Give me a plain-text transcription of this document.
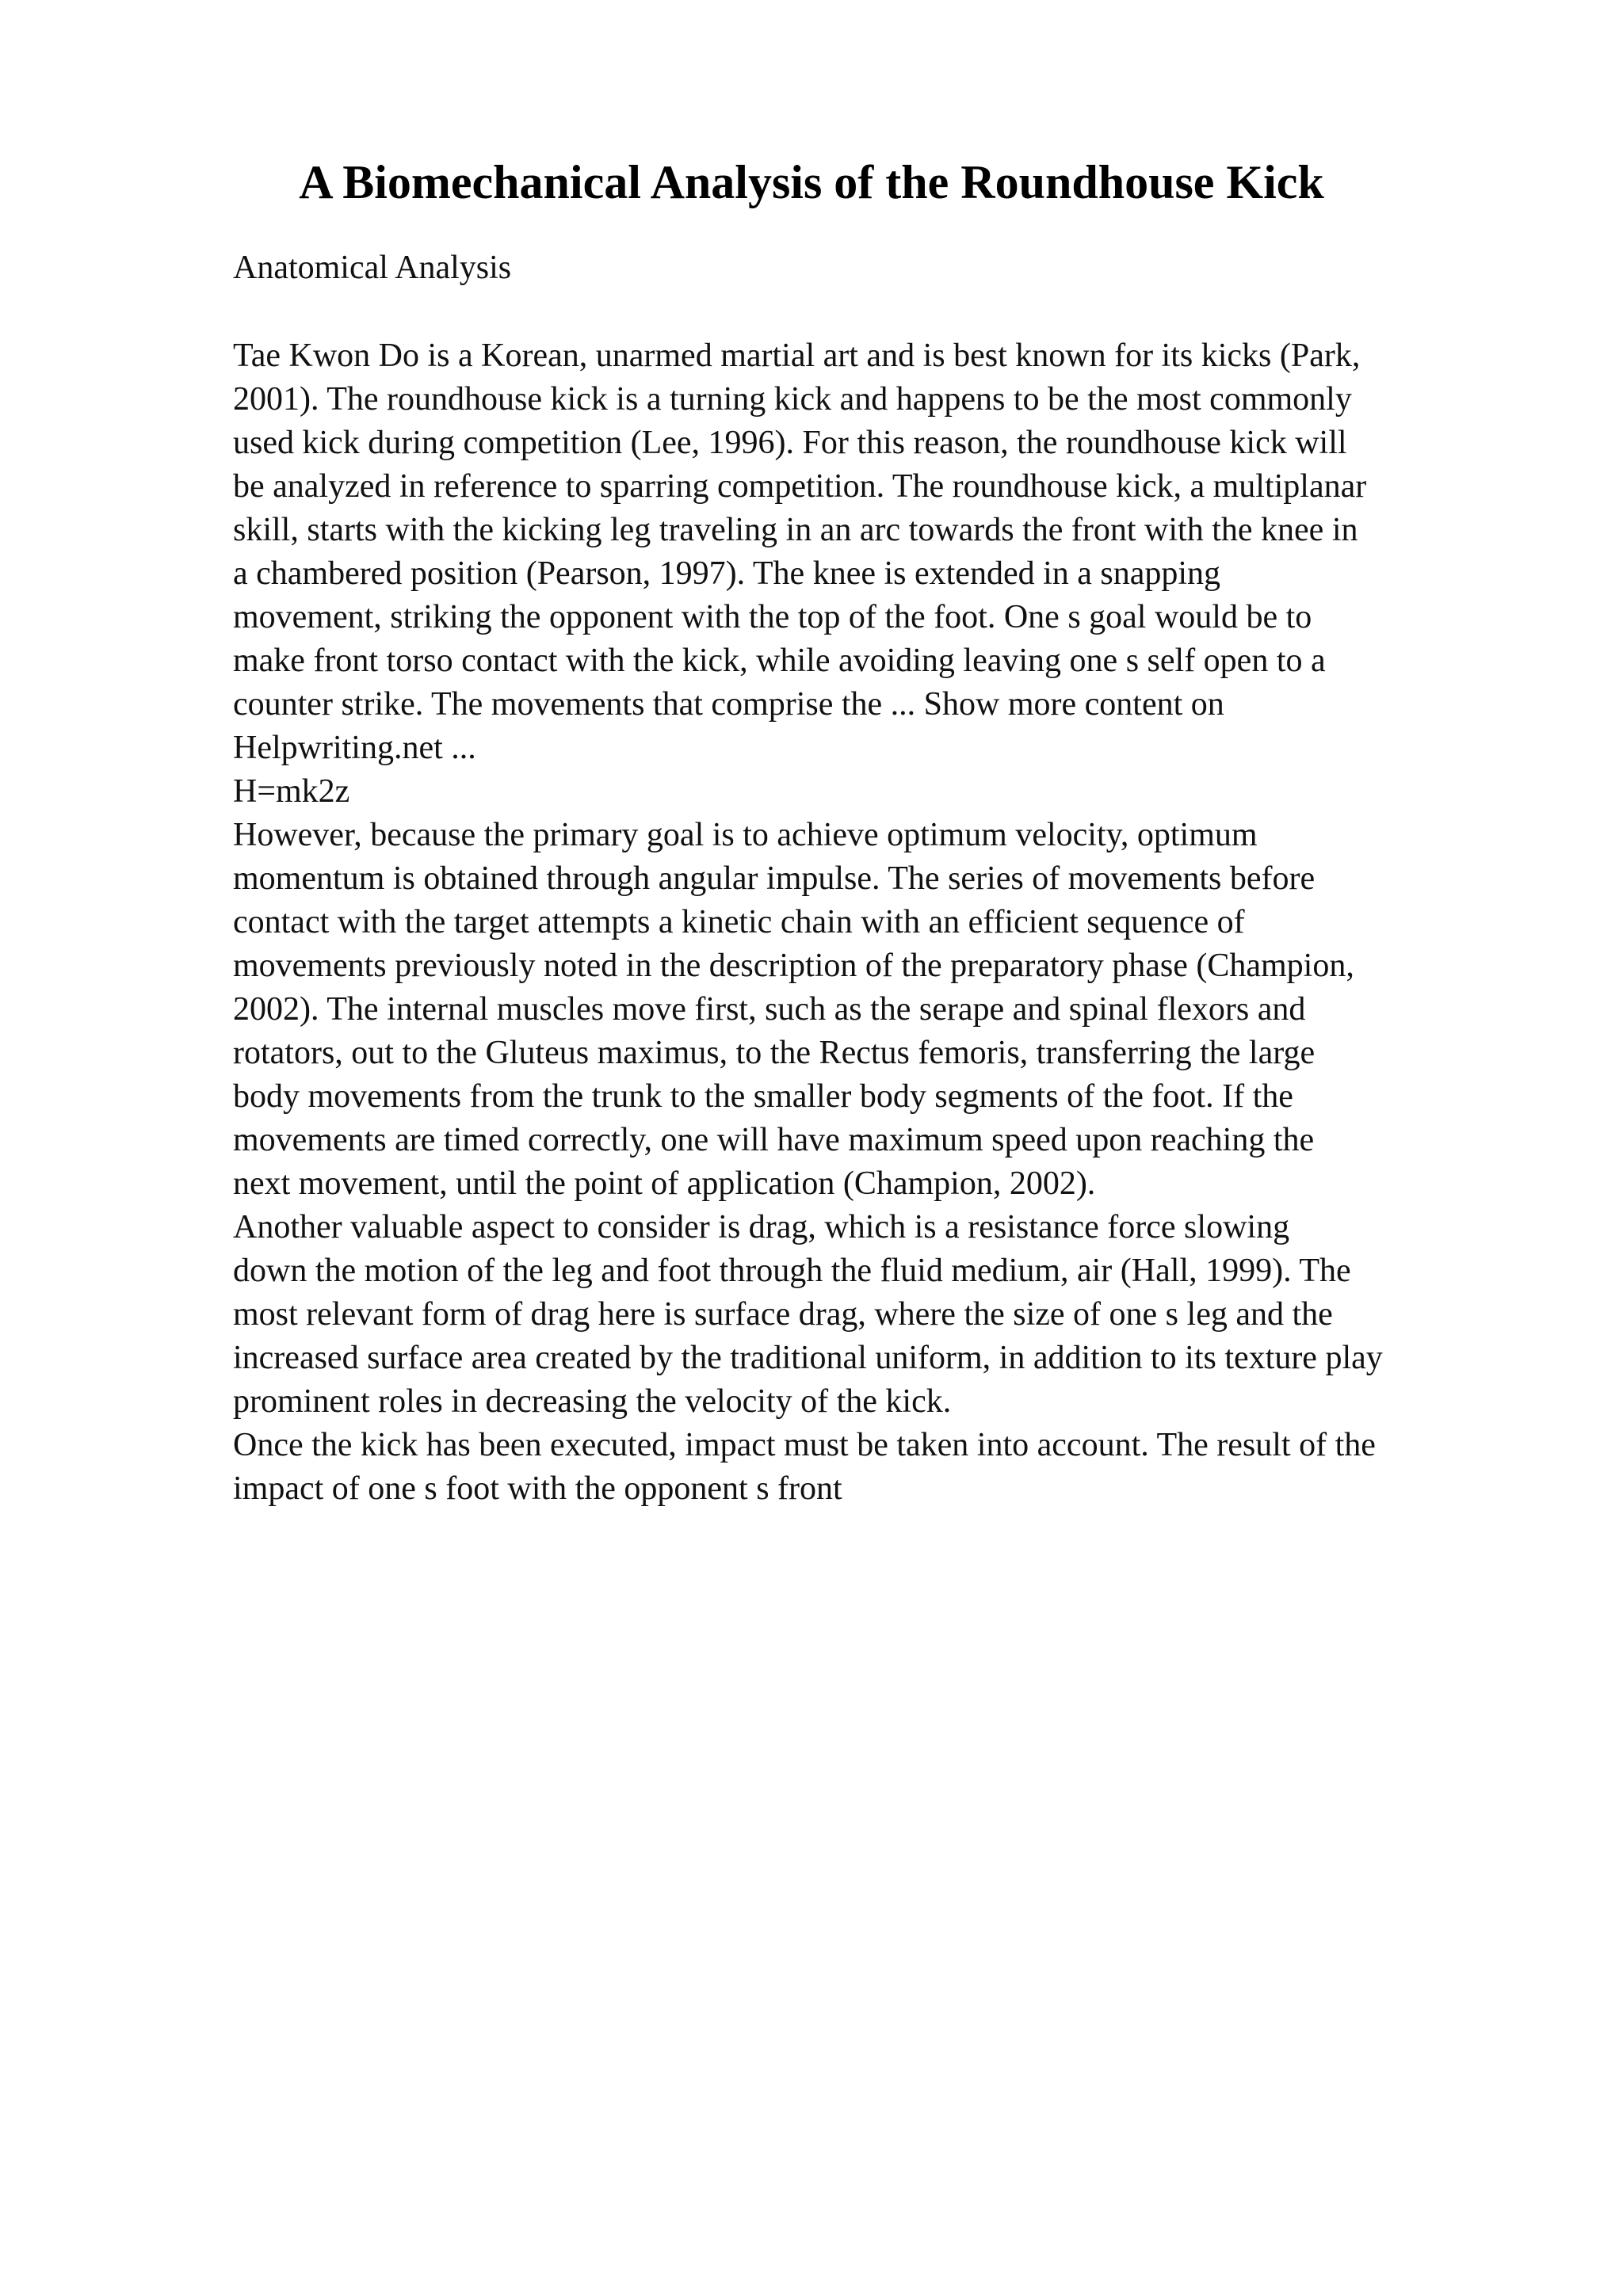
A Biomechanical Analysis of the Roundhouse Kick
Anatomical Analysis
Tae Kwon Do is a Korean, unarmed martial art and is best known for its kicks (Park,
2001). The roundhouse kick is a turning kick and happens to be the most commonly
used kick during competition (Lee, 1996). For this reason, the roundhouse kick will
be analyzed in reference to sparring competition. The roundhouse kick, a multiplanar
skill, starts with the kicking leg traveling in an arc towards the front with the knee in
a chambered position (Pearson, 1997). The knee is extended in a snapping
movement, striking the opponent with the top of the foot. One s goal would be to
make front torso contact with the kick, while avoiding leaving one s self open to a
counter strike. The movements that comprise the ... Show more content on
Helpwriting.net ...
H=mk2z
However, because the primary goal is to achieve optimum velocity, optimum
momentum is obtained through angular impulse. The series of movements before
contact with the target attempts a kinetic chain with an efficient sequence of
movements previously noted in the description of the preparatory phase (Champion,
2002). The internal muscles move first, such as the serape and spinal flexors and
rotators, out to the Gluteus maximus, to the Rectus femoris, transferring the large
body movements from the trunk to the smaller body segments of the foot. If the
movements are timed correctly, one will have maximum speed upon reaching the
next movement, until the point of application (Champion, 2002).
Another valuable aspect to consider is drag, which is a resistance force slowing
down the motion of the leg and foot through the fluid medium, air (Hall, 1999). The
most relevant form of drag here is surface drag, where the size of one s leg and the
increased surface area created by the traditional uniform, in addition to its texture play
prominent roles in decreasing the velocity of the kick.
Once the kick has been executed, impact must be taken into account. The result of the
impact of one s foot with the opponent s front
